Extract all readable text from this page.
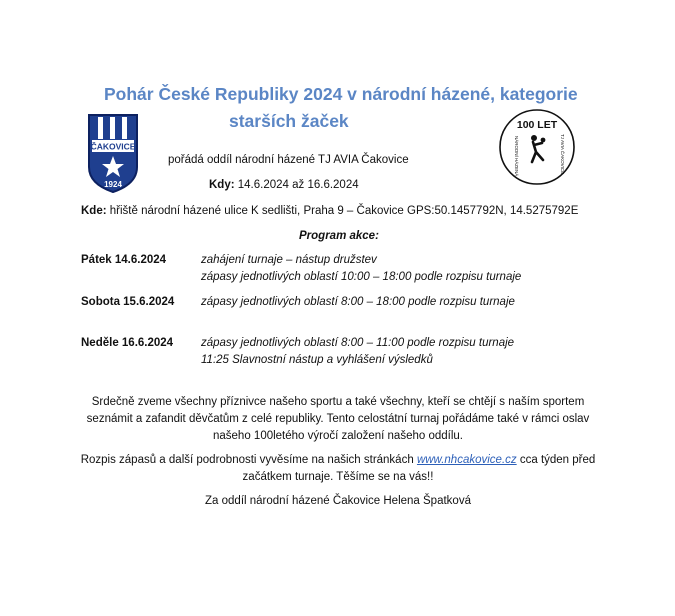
Pohár České Republiky 2024 v národní házené, kategorie
starších žaček
ČAKOVICE
1924
100 LET
NÁRODNÍ HÁZENÁ	TJ AVIA ČAKOVICE
pořádá oddíl národní házené TJ AVIA Čakovice
Kdy: 14.6.2024 až 16.6.2024
Kde: hřiště národní házené ulice K sedlišti, Praha 9 – Čakovice GPS:50.1457792N, 14.5275792E
Program akce:
Pátek 14.6.2024	zahájení turnaje – nástup družstev
zápasy jednotlivých oblastí 10:00 – 18:00 podle rozpisu turnaje
Sobota 15.6.2024 zápasy jednotlivých oblastí 8:00 – 18:00 podle rozpisu turnaje
Neděle 16.6.2024 zápasy jednotlivých oblastí 8:00 – 11:00 podle rozpisu turnaje
11:25 Slavnostní nástup a vyhlášení výsledků
Srdečně zveme všechny příznivce našeho sportu a také všechny, kteří se chtějí s naším sportem
seznámit a zafandit děvčatům z celé republiky. Tento celostátní turnaj pořádáme také v rámci oslav
našeho 100letého výročí založení našeho oddílu.
Rozpis zápasů a další podrobnosti vyvěsíme na našich stránkách www.nhcakovice.cz cca týden před
začátkem turnaje. Těšíme se na vás!!
Za oddíl národní házené Čakovice Helena Špatková
